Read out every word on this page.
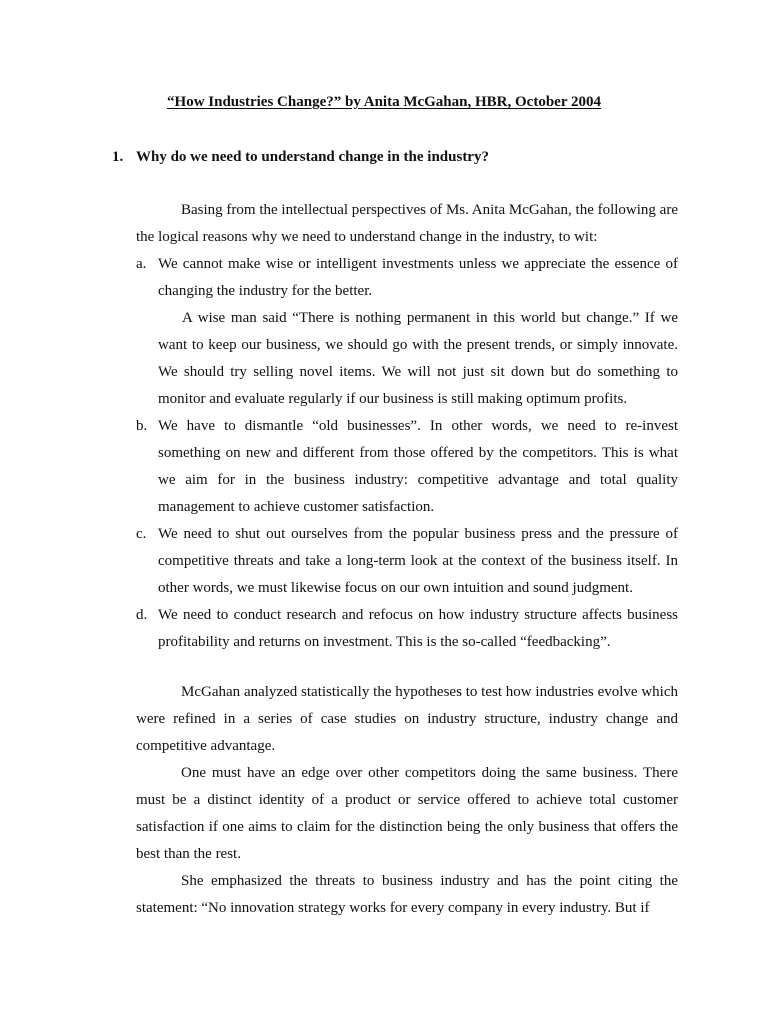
“How Industries Change?” by Anita McGahan, HBR, October 2004
1. Why do we need to understand change in the industry?

Basing from the intellectual perspectives of Ms. Anita McGahan, the following are the logical reasons why we need to understand change in the industry, to wit:

a. We cannot make wise or intelligent investments unless we appreciate the essence of changing the industry for the better.

A wise man said “There is nothing permanent in this world but change.” If we want to keep our business, we should go with the present trends, or simply innovate. We should try selling novel items. We will not just sit down but do something to monitor and evaluate regularly if our business is still making optimum profits.

b. We have to dismantle “old businesses”. In other words, we need to re-invest something on new and different from those offered by the competitors. This is what we aim for in the business industry: competitive advantage and total quality management to achieve customer satisfaction.

c. We need to shut out ourselves from the popular business press and the pressure of competitive threats and take a long-term look at the context of the business itself. In other words, we must likewise focus on our own intuition and sound judgment.

d. We need to conduct research and refocus on how industry structure affects business profitability and returns on investment. This is the so-called “feedbacking”.

McGahan analyzed statistically the hypotheses to test how industries evolve which were refined in a series of case studies on industry structure, industry change and competitive advantage.

One must have an edge over other competitors doing the same business. There must be a distinct identity of a product or service offered to achieve total customer satisfaction if one aims to claim for the distinction being the only business that offers the best than the rest.

She emphasized the threats to business industry and has the point citing the statement: “No innovation strategy works for every company in every industry. But if
